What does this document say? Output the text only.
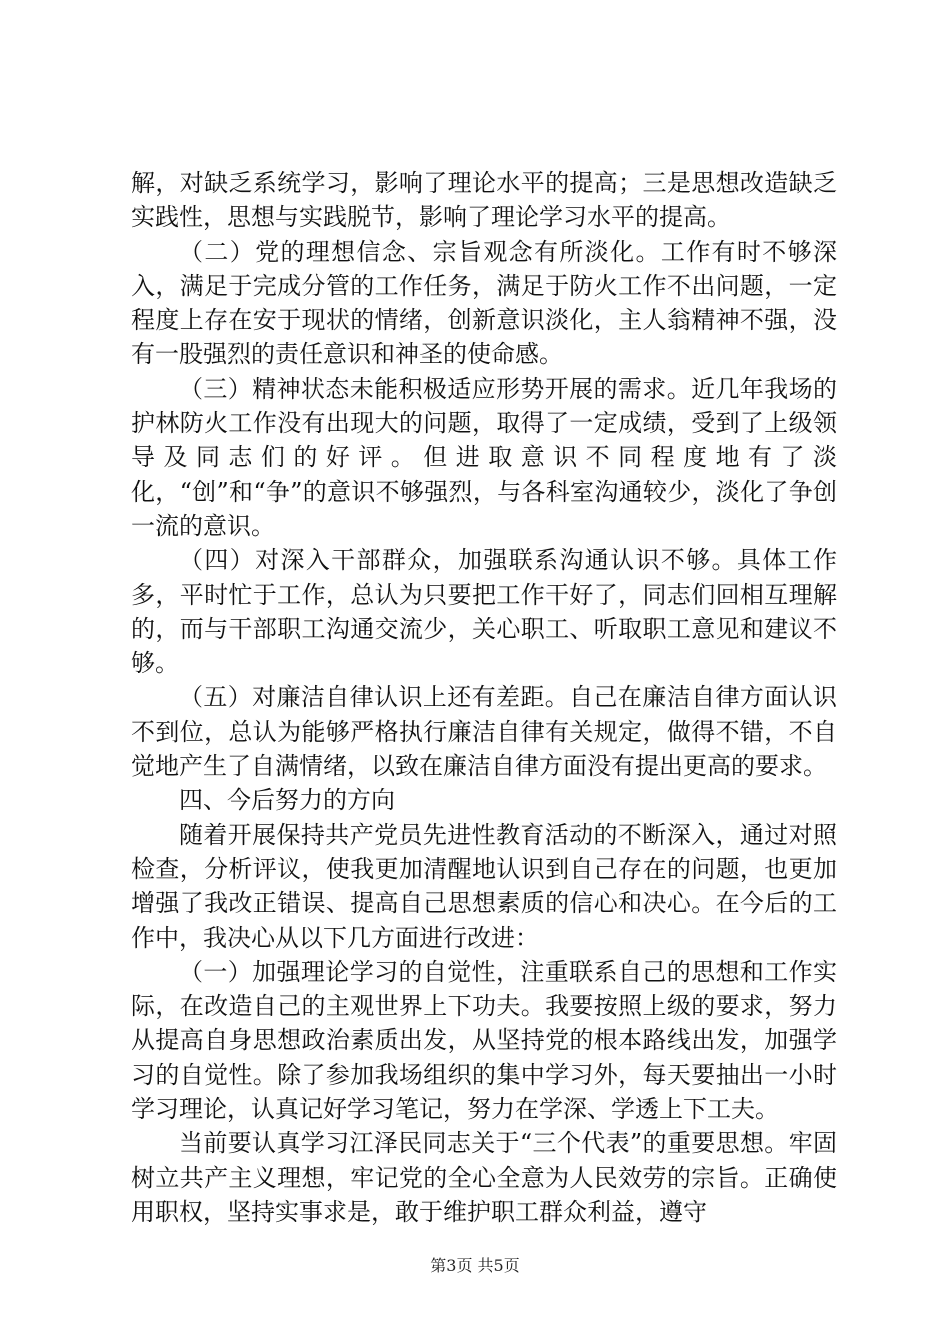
解，对缺乏系统学习，影响了理论水平的提高；三是思想改造缺乏实践性，思想与实践脱节，影响了理论学习水平的提高。

（二）党的理想信念、宗旨观念有所淡化。工作有时不够深入，满足于完成分管的工作任务，满足于防火工作不出问题，一定程度上存在安于现状的情绪，创新意识淡化，主人翁精神不强，没有一股强烈的责任意识和神圣的使命感。

（三）精神状态未能积极适应形势开展的需求。近几年我场的护林防火工作没有出现大的问题，取得了一定成绩，受到了上级领导及同志们的好评。但进取意识不同程度地有了淡化，“创”和“争”的意识不够强烈，与各科室沟通较少，淡化了争创一流的意识。

（四）对深入干部群众，加强联系沟通认识不够。具体工作多，平时忙于工作，总认为只要把工作干好了，同志们回相互理解的，而与干部职工沟通交流少，关心职工、听取职工意见和建议不够。

（五）对廉洁自律认识上还有差距。自己在廉洁自律方面认识不到位，总认为能够严格执行廉洁自律有关规定，做得不错，不自觉地产生了自满情绪，以致在廉洁自律方面没有提出更高的要求。

四、今后努力的方向

随着开展保持共产党员先进性教育活动的不断深入，通过对照检查，分析评议，使我更加清醒地认识到自己存在的问题，也更加增强了我改正错误、提高自己思想素质的信心和决心。在今后的工作中，我决心从以下几方面进行改进：

（一）加强理论学习的自觉性，注重联系自己的思想和工作实际，在改造自己的主观世界上下功夫。我要按照上级的要求，努力从提高自身思想政治素质出发，从坚持党的根本路线出发，加强学习的自觉性。除了参加我场组织的集中学习外，每天要抽出一小时学习理论，认真记好学习笔记，努力在学深、学透上下工夫。

当前要认真学习江泽民同志关于“三个代表”的重要思想。牢固树立共产主义理想，牢记党的全心全意为人民效劳的宗旨。正确使用职权，坚持实事求是，敢于维护职工群众利益，遵守

第3页 共5页
